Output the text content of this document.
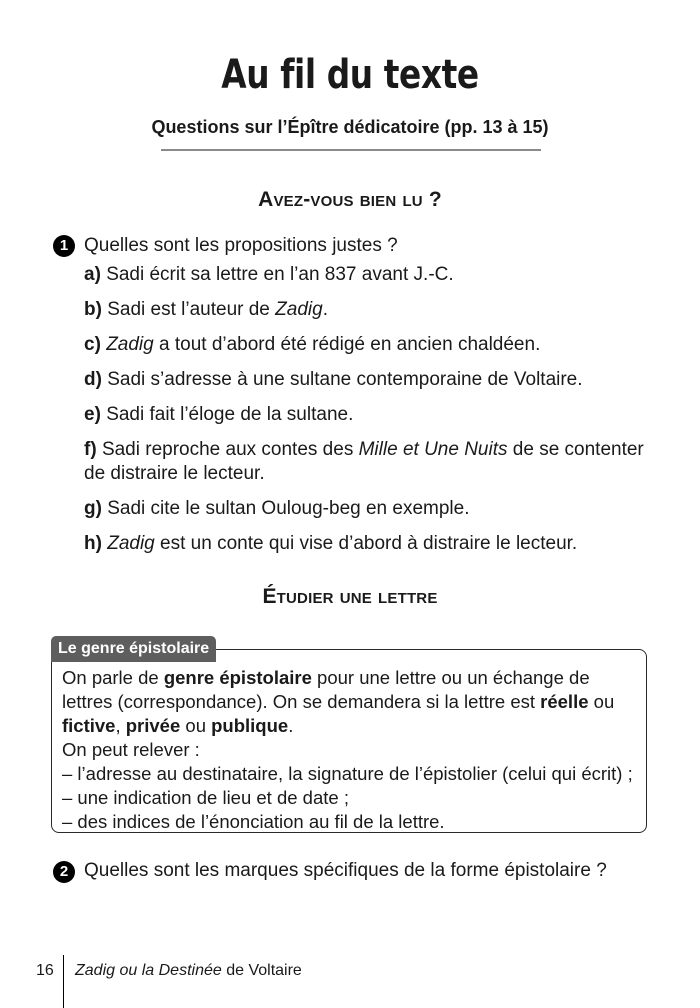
Au fil du texte
Questions sur l’Épître dédicatoire (pp. 13 à 15)
Avez-vous bien lu ?
1 Quelles sont les propositions justes ?

a) Sadi écrit sa lettre en l’an 837 avant J.-C.

b) Sadi est l’auteur de Zadig.

c) Zadig a tout d’abord été rédigé en ancien chaldéen.

d) Sadi s’adresse à une sultane contemporaine de Voltaire.

e) Sadi fait l’éloge de la sultane.

f) Sadi reproche aux contes des Mille et Une Nuits de se contenter de distraire le lecteur.

g) Sadi cite le sultan Ouloug-beg en exemple.

h) Zadig est un conte qui vise d’abord à distraire le lecteur.

Étudier une lettre

On parle de genre épistolaire pour une lettre ou un échange de lettres (correspondance). On se demandera si la lettre est réelle ou fictive, privée ou publique.

On peut relever :

– l’adresse au destinataire, la signature de l’épistolier (celui qui écrit) ;

– une indication de lieu et de date ;

– des indices de l’énonciation au fil de la lettre.

Le genre épistolaire
2 Quelles sont les marques spécifiques de la forme épistolaire ?
16 Zadig ou la Destinée de Voltaire
